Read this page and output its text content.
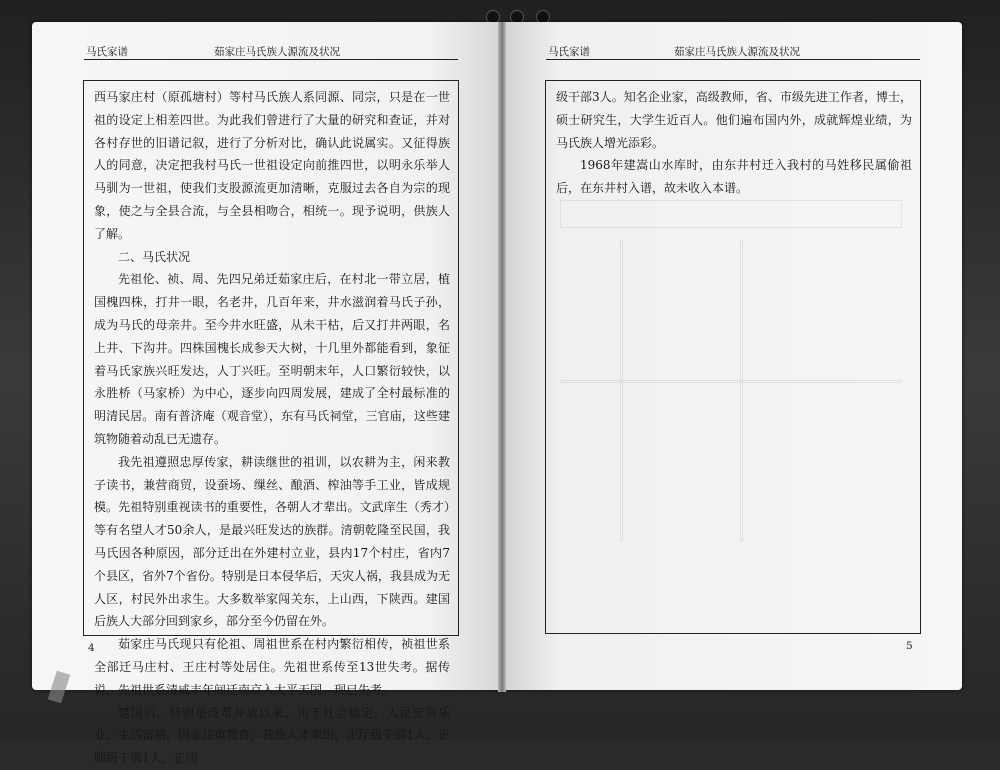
马氏家谱	茹家庄马氏族人源流及状况	马氏家谱	茹家庄马氏族人源流及状况

西马家庄村（原孤塘村）等村马氏族人系同源、同宗，只是在一世祖的设定上相差四世。为此我们曾进行了大量的研究和查证，并对各村存世的旧谱记叙，进行了分析对比，确认此说属实。又征得族人的同意，决定把我村马氏一世祖设定向前推四世，以明永乐举人马驯为一世祖，使我们支股源流更加清晰，克服过去各自为宗的现象，使之与全县合流，与全县相吻合，相统一。现予说明，供族人了解。

二、马氏状况

先祖伦、祯、周、先四兄弟迁茹家庄后，在村北一带立居，植国槐四株，打井一眼，名老井，几百年来，井水滋润着马氏子孙，成为马氏的母亲井。至今井水旺盛，从未干枯，后又打井两眼，名上井、下沟井。四株国槐长成参天大树，十几里外都能看到，象征着马氏家族兴旺发达，人丁兴旺。至明朝末年，人口繁衍较快，以永胜桥（马家桥）为中心，逐步向四周发展，建成了全村最标准的明清民居。南有普济庵（观音堂），东有马氏祠堂，三官庙，这些建筑物随着动乱已无遗存。

我先祖遵照忠厚传家，耕读继世的祖训，以农耕为主，闲来教子读书，兼营商贸，设蚕场、缫丝、酿酒、榨油等手工业，皆成规模。先祖特别重视读书的重要性，各朝人才辈出。文武庠生（秀才）等有名望人才50余人，是最兴旺发达的族群。清朝乾隆至民国，我马氏因各种原因，部分迁出在外建村立业，县内17个村庄，省内7个县区，省外7个省份。特别是日本侵华后，天灾人祸，我县成为无人区，村民外出求生。大多数举家闯关东，上山西，下陕西。建国后族人大部分回到家乡，部分至今仍留在外。

茹家庄马氏现只有伦祖、周祖世系在村内繁衍相传，祯祖世系全部迁马庄村、王庄村等处居住。先祖世系传至13世失考。据传说，先祖世系清咸丰年间迁南京入太平天国。现已失考。

建国后，特别是改革开放以来，由于社会稳定，人民安居乐业，生活富裕，国家注重教育，我族人才辈出，正厅级干部1人，正师级干部1人，正团

级干部3人。知名企业家，高级教师，省、市级先进工作者，博士，硕士研究生，大学生近百人。他们遍布国内外，成就辉煌业绩，为马氏族人增光添彩。

1968年建嵩山水库时，由东井村迁入我村的马姓移民属偷祖后，在东井村入谱，故未收入本谱。

4	5
